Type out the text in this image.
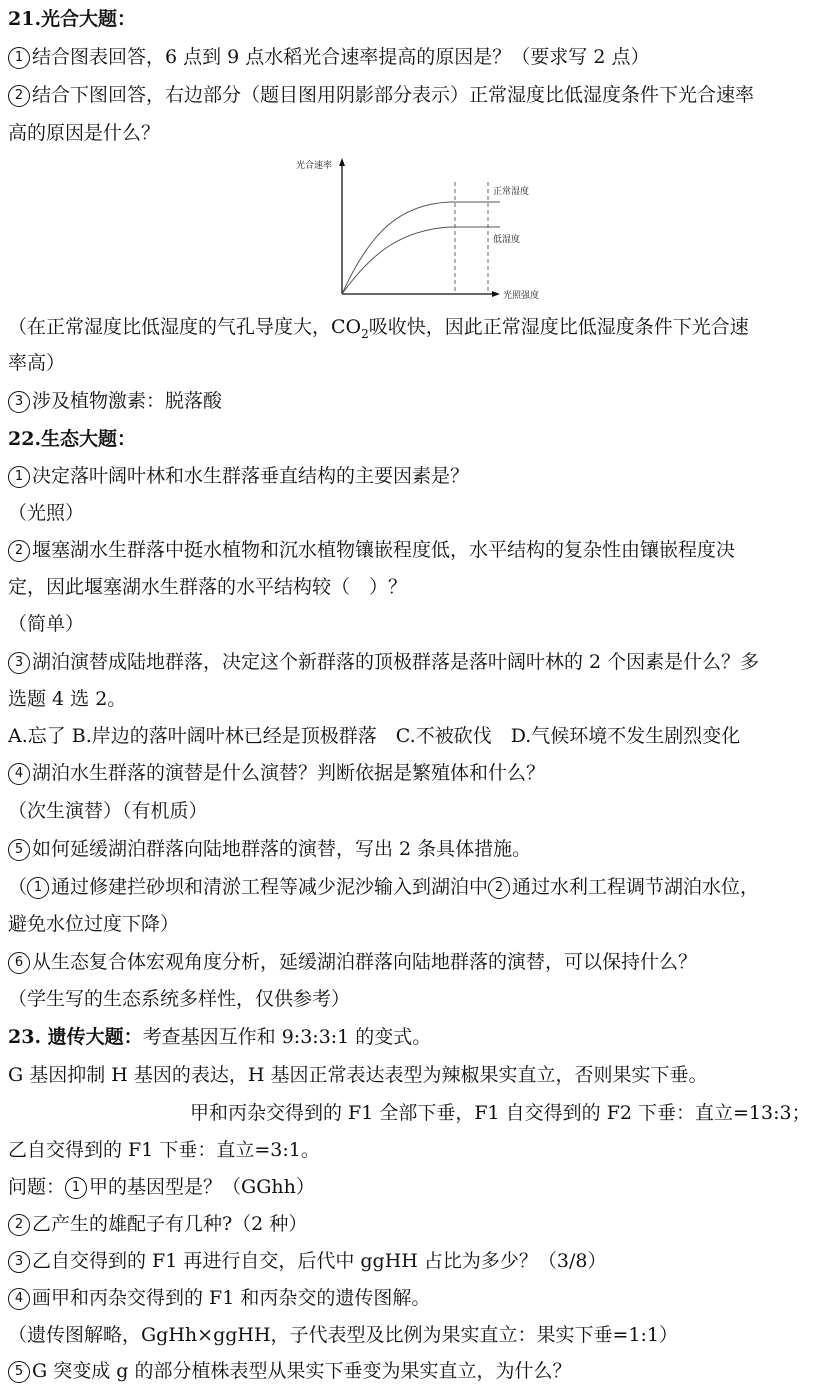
21.光合大题：
1 结合图表回答，6 点到 9 点水稻光合速率提高的原因是？（要求写 2 点）
2 结合下图回答，右边部分（题目图用阴影部分表示）正常湿度比低湿度条件下光合速率
高的原因是什么？
光合速率
光照强度
正常湿度
低湿度
（在正常湿度比低湿度的气孔导度大，$CO_2$吸收快，因此正常湿度比低湿度条件下光合速
率高）
3 涉及植物激素：脱落酸
22.生态大题：
1 决定落叶阔叶林和水生群落垂直结构的主要因素是？
（光照）
2 堰塞湖水生群落中挺水植物和沉水植物镶嵌程度低，水平结构的复杂性由镶嵌程度决
定，因此堰塞湖水生群落的水平结构较（　）？
（简单）
3 湖泊演替成陆地群落，决定这个新群落的顶极群落是落叶阔叶林的 2 个因素是什么？多
选题 4 选 2。
A.忘了 B.岸边的落叶阔叶林已经是顶极群落　C.不被砍伐　D.气候环境不发生剧烈变化
4 湖泊水生群落的演替是什么演替？判断依据是繁殖体和什么？
（次生演替）（有机质）
5 如何延缓湖泊群落向陆地群落的演替，写出 2 条具体措施。
（ 1 通过修建拦砂坝和清淤工程等减少泥沙输入到湖泊中 2 通过水利工程调节湖泊水位，
避免水位过度下降）
6 从生态复合体宏观角度分析，延缓湖泊群落向陆地群落的演替，可以保持什么？
（学生写的生态系统多样性，仅供参考）
23. 遗传大题：考查基因互作和 9:3:3:1 的变式。
G 基因抑制 H 基因的表达，H 基因正常表达表型为辣椒果实直立，否则果实下垂。
甲和丙杂交得到的 F1 全部下垂，F1 自交得到的 F2 下垂：直立=13:3；
乙自交得到的 F1 下垂：直立=3:1。
问题： 1 甲的基因型是？（GGhh）
2 乙产生的雄配子有几种?（2 种）
3 乙自交得到的 F1 再进行自交，后代中 ggHH 占比为多少？（3/8）
4 画甲和丙杂交得到的 F1 和丙杂交的遗传图解。
（遗传图解略，GgHh×ggHH，子代表型及比例为果实直立：果实下垂=1:1）
5 G 突变成 g 的部分植株表型从果实下垂变为果实直立，为什么？
